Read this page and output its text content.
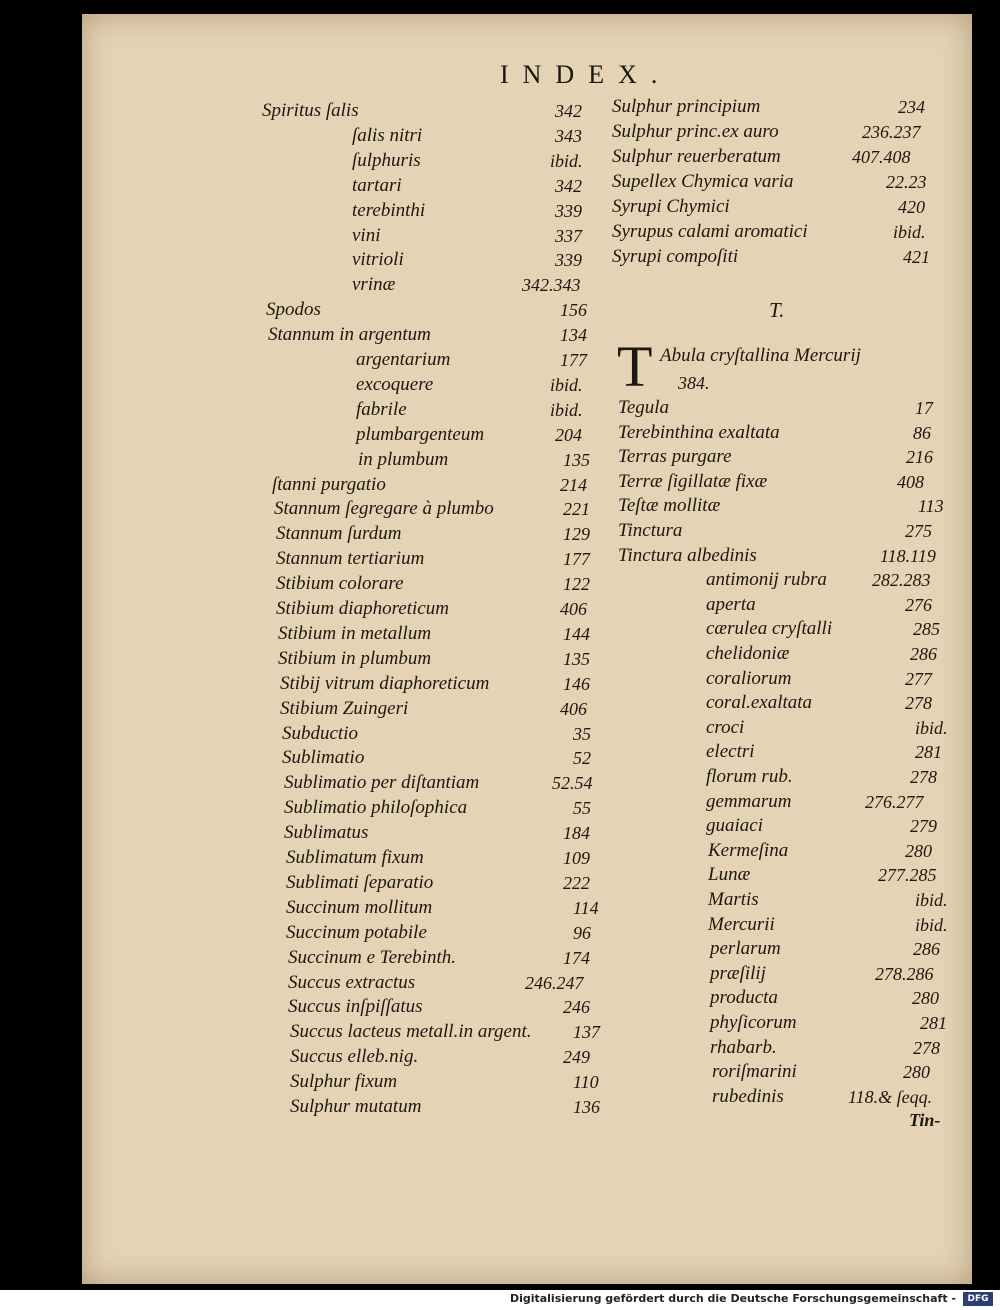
INDEX.
Spiritus ſalis	342
ſalis nitri	343
ſulphuris	ibid.
tartari	342
terebinthi	339
vini	337
vitrioli	339
vrinæ	342.343
Spodos	156
Stannum in argentum	134
argentarium	177
excoquere	ibid.
fabrile	ibid.
plumbargenteum	204
in plumbum	135
ſtanni purgatio	214
Stannum ſegregare à plumbo	221
Stannum ſurdum	129
Stannum tertiarium	177
Stibium colorare	122
Stibium diaphoreticum	406
Stibium in metallum	144
Stibium in plumbum	135
Stibij vitrum diaphoreticum	146
Stibium Zuingeri	406
Subductio	35
Sublimatio	52
Sublimatio per diſtantiam	52.54
Sublimatio philoſophica	55
Sublimatus	184
Sublimatum fixum	109
Sublimati ſeparatio	222
Succinum mollitum	114
Succinum potabile	96
Succinum e Terebinth.	174
Succus extractus	246.247
Succus inſpiſſatus	246
Succus lacteus metall.in argent. 137
Succus elleb.nig.	249
Sulphur fixum	110
Sulphur mutatum	136
Sulphur principium	234
Sulphur princ.ex auro	236.237
Sulphur reuerberatum	407.408
Supellex Chymica varia	22.23
Syrupi Chymici	420
Syrupus calami aromatici	ibid.
Syrupi compoſiti	421
T.
T Abula cryſtallina Mercurij
384.
Tegula	17
Terebinthina exaltata	86
Terras purgare	216
Terræ ſigillatæ fixæ	408
Teſtæ mollitæ	113
Tinctura	275
Tinctura albedinis	118.119
antimonij rubra	282.283
aperta	276
cærulea cryſtalli	285
chelidoniæ	286
coraliorum	277
coral.exaltata	278
croci	ibid.
electri	281
florum rub.	278
gemmarum	276.277
guaiaci	279
Kermeſina	280
Lunæ	277.285
Martis	ibid.
Mercurii	ibid.
perlarum	286
præſilij	278.286
producta	280
phyſicorum	281
rhabarb.	278
roriſmarini	280
rubedinis	118.& ſeqq.
Tin-
Digitalisierung gefördert durch die Deutsche Forschungsgemeinschaft -	DFG
